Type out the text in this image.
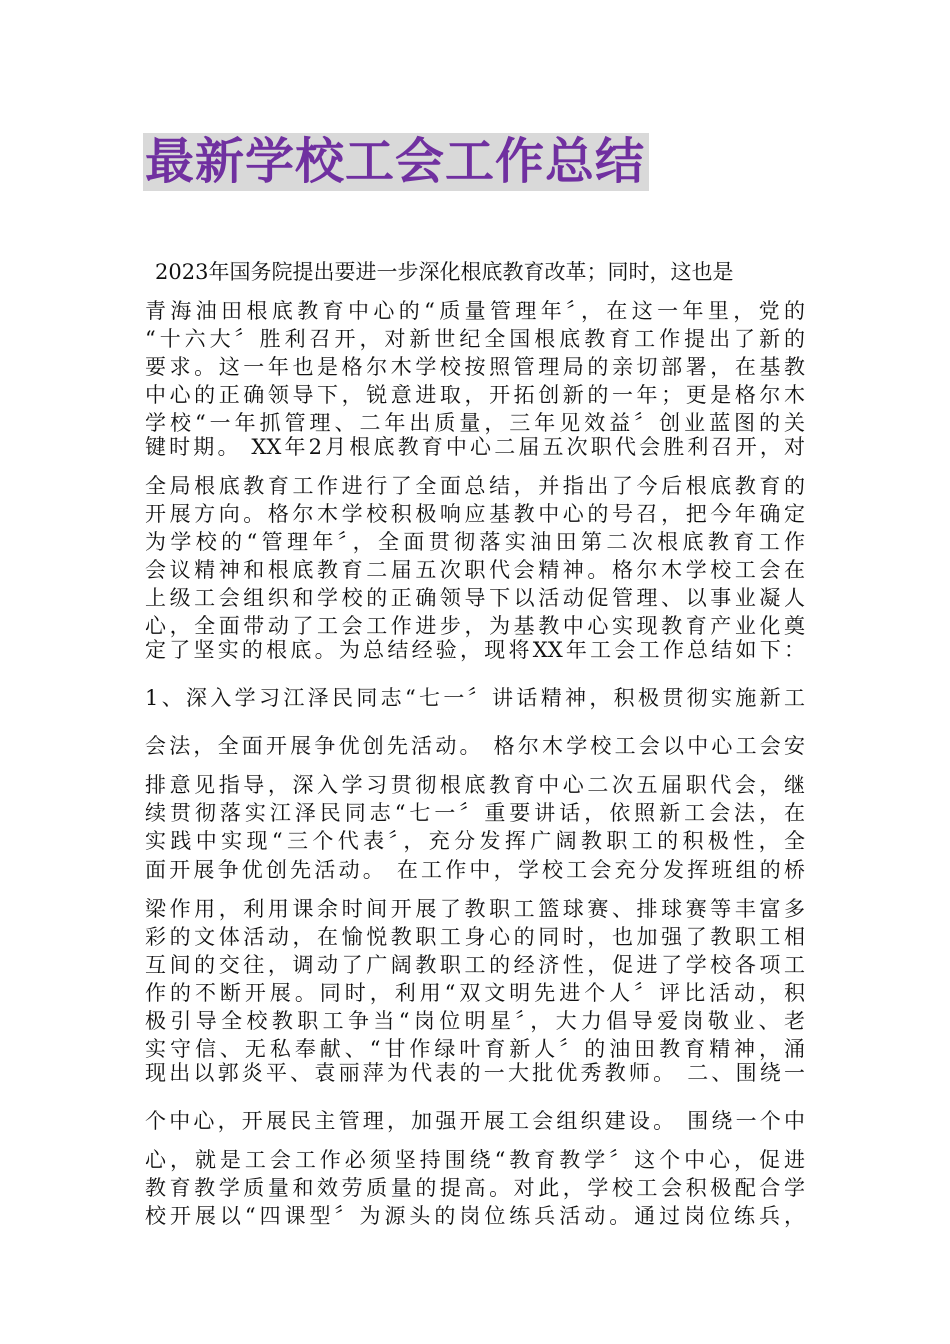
最新学校工会工作总结
2023年国务院提出要进一步深化根底教育改革；同时，这也是
青海油田根底教育中心的“质量管理年〞，在这一年里，党的
“十六大〞胜利召开，对新世纪全国根底教育工作提出了新的
要求。这一年也是格尔木学校按照管理局的亲切部署，在基教
中心的正确领导下，锐意进取，开拓创新的一年；更是格尔木
学校“一年抓管理、二年出质量，三年见效益〞创业蓝图的关
键时期。 XX年2月根底教育中心二届五次职代会胜利召开，对
全局根底教育工作进行了全面总结，并指出了今后根底教育的
开展方向。格尔木学校积极响应基教中心的号召，把今年确定
为学校的“管理年〞，全面贯彻落实油田第二次根底教育工作
会议精神和根底教育二届五次职代会精神。格尔木学校工会在
上级工会组织和学校的正确领导下以活动促管理、以事业凝人
心，全面带动了工会工作进步，为基教中心实现教育产业化奠
定了坚实的根底。为总结经验，现将XX年工会工作总结如下：
1、深入学习江泽民同志“七一〞讲话精神，积极贯彻实施新工
会法，全面开展争优创先活动。 格尔木学校工会以中心工会安
排意见指导，深入学习贯彻根底教育中心二次五届职代会，继
续贯彻落实江泽民同志“七一〞重要讲话，依照新工会法，在
实践中实现“三个代表〞，充分发挥广阔教职工的积极性，全
面开展争优创先活动。 在工作中，学校工会充分发挥班组的桥
梁作用，利用课余时间开展了教职工篮球赛、排球赛等丰富多
彩的文体活动，在愉悦教职工身心的同时，也加强了教职工相
互间的交往，调动了广阔教职工的经济性，促进了学校各项工
作的不断开展。同时，利用“双文明先进个人〞评比活动，积
极引导全校教职工争当“岗位明星〞，大力倡导爱岗敬业、老
实守信、无私奉献、“甘作绿叶育新人〞的油田教育精神，涌
现出以郭炎平、袁丽萍为代表的一大批优秀教师。 二、围绕一
个中心，开展民主管理，加强开展工会组织建设。 围绕一个中
心，就是工会工作必须坚持围绕“教育教学〞这个中心，促进
教育教学质量和效劳质量的提高。对此，学校工会积极配合学
校开展以“四课型〞为源头的岗位练兵活动。通过岗位练兵，
